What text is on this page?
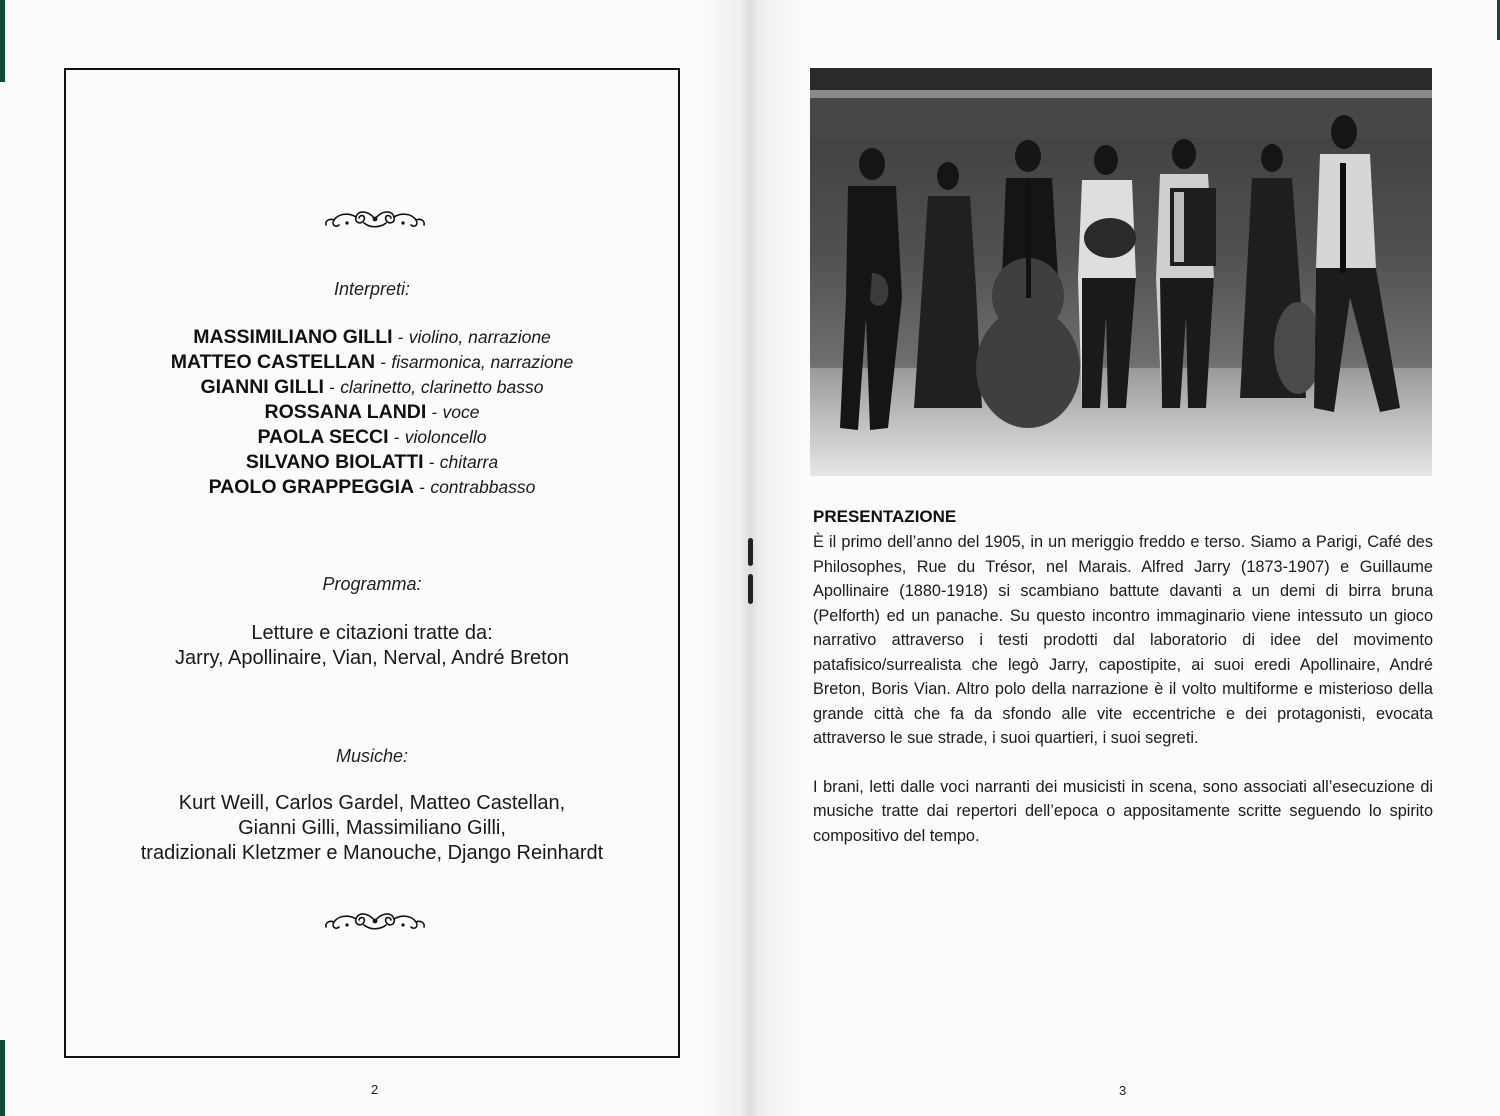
Interpreti:
MASSIMILIANO GILLI - violino, narrazione
MATTEO CASTELLAN - fisarmonica, narrazione
GIANNI GILLI - clarinetto, clarinetto basso
ROSSANA LANDI - voce
PAOLA SECCI - violoncello
SILVANO BIOLATTI - chitarra
PAOLO GRAPPEGGIA - contrabbasso
Programma:
Letture e citazioni tratte da:
Jarry, Apollinaire, Vian, Nerval, André Breton
Musiche:
Kurt Weill, Carlos Gardel, Matteo Castellan,
Gianni Gilli, Massimiliano Gilli,
tradizionali Kletzmer e Manouche, Django Reinhardt
2
PRESENTAZIONE

È il primo dell’anno del 1905, in un meriggio freddo e terso. Siamo a Parigi, Café des Philosophes, Rue du Trésor, nel Marais. Alfred Jarry (1873-1907) e Guillaume Apollinaire (1880-1918) si scambiano battute davanti a un demi di birra bruna (Pelforth) ed un panache. Su questo incontro immaginario viene intessuto un gioco narrativo attraverso i testi prodotti dal laboratorio di idee del movimento patafisico/surrealista che legò Jarry, capostipite, ai suoi eredi Apollinaire, André Breton, Boris Vian. Altro polo della narrazione è il volto multiforme e misterioso della grande città che fa da sfondo alle vite eccentriche e dei protagonisti, evocata attraverso le sue strade, i suoi quartieri, i suoi segreti.

I brani, letti dalle voci narranti dei musicisti in scena, sono associati all’esecuzione di musiche tratte dai repertori dell’epoca o appositamente scritte seguendo lo spirito compositivo del tempo.

3
